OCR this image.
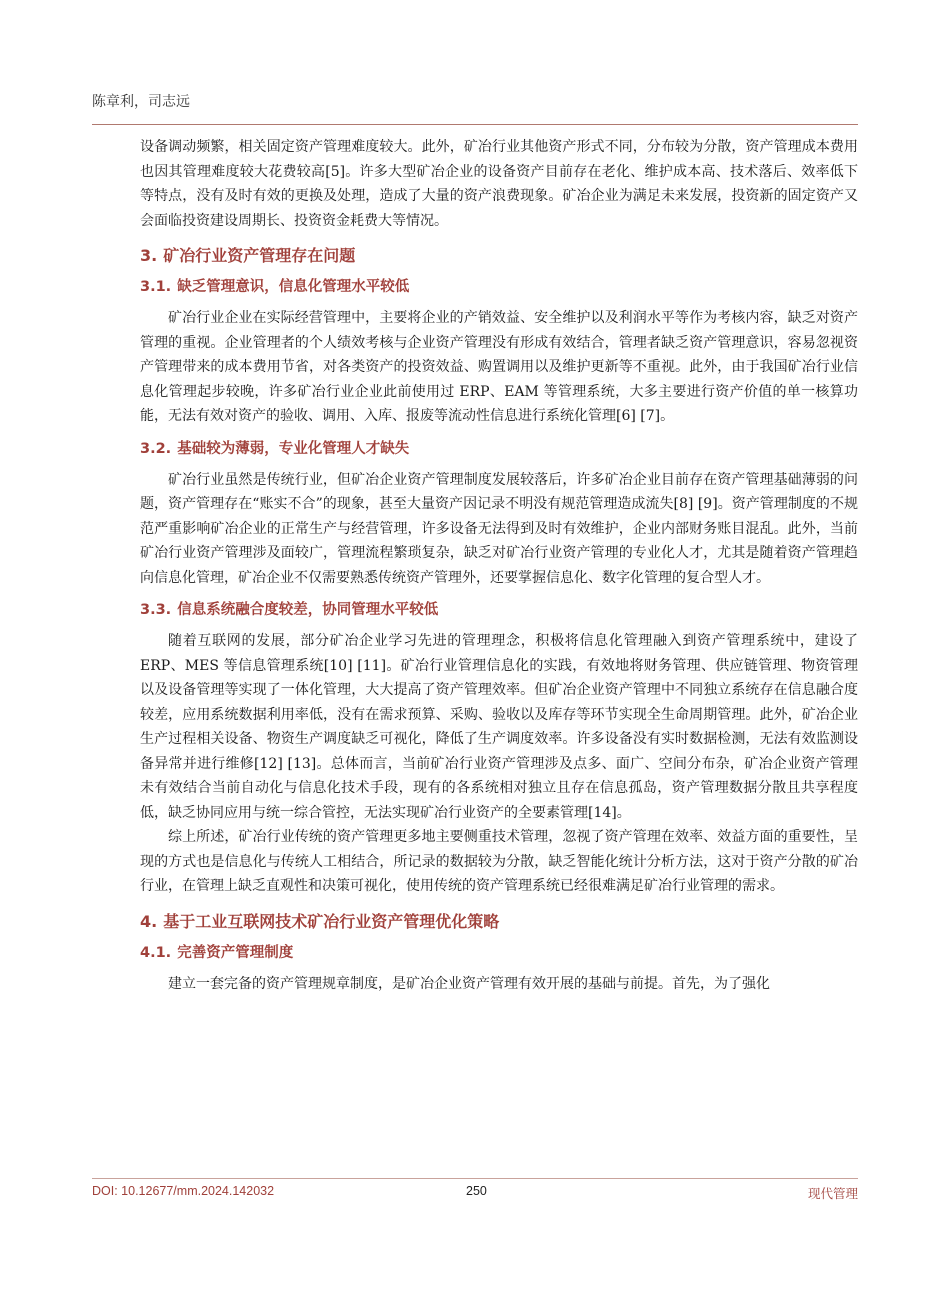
陈章利，司志远

设备调动频繁，相关固定资产管理难度较大。此外，矿冶行业其他资产形式不同，分布较为分散，资产管理成本费用也因其管理难度较大花费较高[5]。许多大型矿冶企业的设备资产目前存在老化、维护成本高、技术落后、效率低下等特点，没有及时有效的更换及处理，造成了大量的资产浪费现象。矿冶企业为满足未来发展，投资新的固定资产又会面临投资建设周期长、投资资金耗费大等情况。

3. 矿冶行业资产管理存在问题
3.1. 缺乏管理意识，信息化管理水平较低

矿冶行业企业在实际经营管理中，主要将企业的产销效益、安全维护以及利润水平等作为考核内容，缺乏对资产管理的重视。企业管理者的个人绩效考核与企业资产管理没有形成有效结合，管理者缺乏资产管理意识，容易忽视资产管理带来的成本费用节省，对各类资产的投资效益、购置调用以及维护更新等不重视。此外，由于我国矿冶行业信息化管理起步较晚，许多矿冶行业企业此前使用过 ERP、EAM 等管理系统，大多主要进行资产价值的单一核算功能，无法有效对资产的验收、调用、入库、报废等流动性信息进行系统化管理[6] [7]。

3.2. 基础较为薄弱，专业化管理人才缺失

矿冶行业虽然是传统行业，但矿冶企业资产管理制度发展较落后，许多矿冶企业目前存在资产管理基础薄弱的问题，资产管理存在“账实不合”的现象，甚至大量资产因记录不明没有规范管理造成流失[8] [9]。资产管理制度的不规范严重影响矿冶企业的正常生产与经营管理，许多设备无法得到及时有效维护，企业内部财务账目混乱。此外，当前矿冶行业资产管理涉及面较广，管理流程繁琐复杂，缺乏对矿冶行业资产管理的专业化人才，尤其是随着资产管理趋向信息化管理，矿冶企业不仅需要熟悉传统资产管理外，还要掌握信息化、数字化管理的复合型人才。

3.3. 信息系统融合度较差，协同管理水平较低

随着互联网的发展，部分矿冶企业学习先进的管理理念，积极将信息化管理融入到资产管理系统中，建设了 ERP、MES 等信息管理系统[10] [11]。矿冶行业管理信息化的实践，有效地将财务管理、供应链管理、物资管理以及设备管理等实现了一体化管理，大大提高了资产管理效率。但矿冶企业资产管理中不同独立系统存在信息融合度较差，应用系统数据利用率低，没有在需求预算、采购、验收以及库存等环节实现全生命周期管理。此外，矿冶企业生产过程相关设备、物资生产调度缺乏可视化，降低了生产调度效率。许多设备没有实时数据检测，无法有效监测设备异常并进行维修[12] [13]。总体而言，当前矿冶行业资产管理涉及点多、面广、空间分布杂，矿冶企业资产管理未有效结合当前自动化与信息化技术手段，现有的各系统相对独立且存在信息孤岛，资产管理数据分散且共享程度低，缺乏协同应用与统一综合管控，无法实现矿冶行业资产的全要素管理[14]。

综上所述，矿冶行业传统的资产管理更多地主要侧重技术管理，忽视了资产管理在效率、效益方面的重要性，呈现的方式也是信息化与传统人工相结合，所记录的数据较为分散，缺乏智能化统计分析方法，这对于资产分散的矿冶行业，在管理上缺乏直观性和决策可视化，使用传统的资产管理系统已经很难满足矿冶行业管理的需求。

4. 基于工业互联网技术矿冶行业资产管理优化策略
4.1. 完善资产管理制度

建立一套完备的资产管理规章制度，是矿冶企业资产管理有效开展的基础与前提。首先，为了强化

DOI: 10.12677/mm.2024.142032	250	现代管理
